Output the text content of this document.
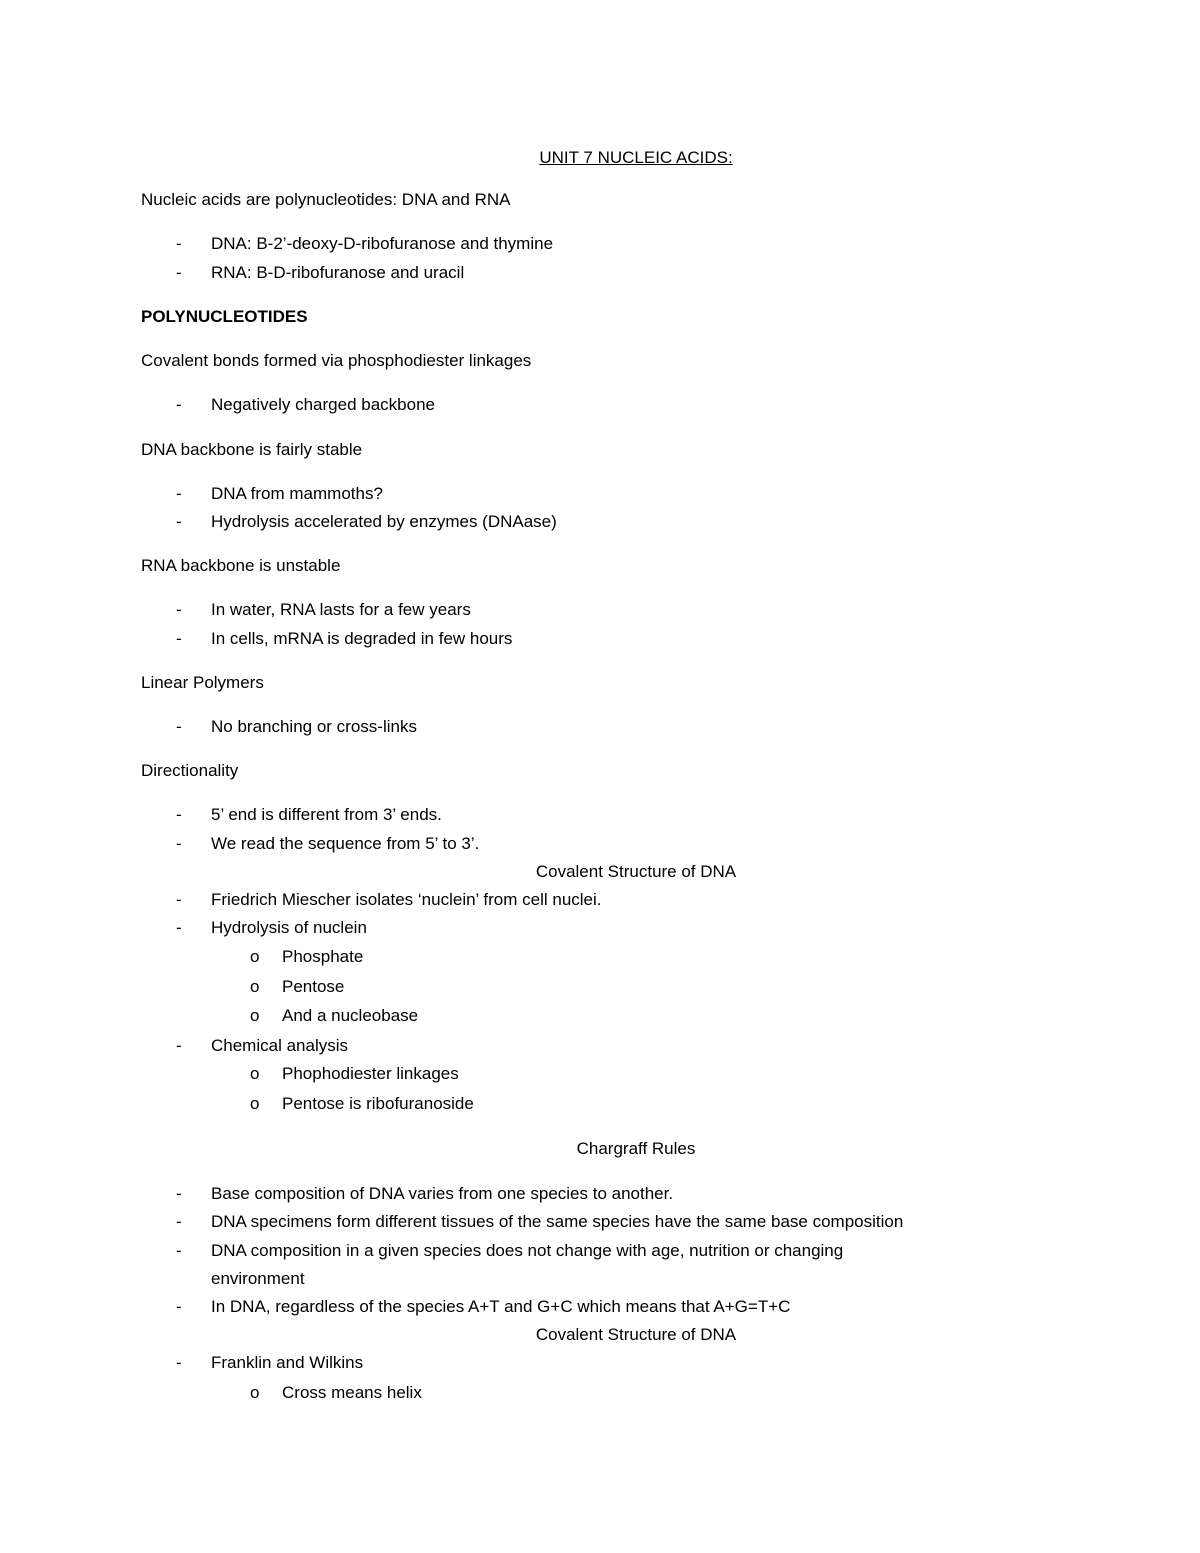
UNIT 7 NUCLEIC ACIDS:
Nucleic acids are polynucleotides: DNA and RNA
- DNA: B-2’-deoxy-D-ribofuranose and thymine
- RNA: B-D-ribofuranose and uracil
POLYNUCLEOTIDES
Covalent bonds formed via phosphodiester linkages
- Negatively charged backbone
DNA backbone is fairly stable
- DNA from mammoths?
- Hydrolysis accelerated by enzymes (DNAase)
RNA backbone is unstable
- In water, RNA lasts for a few years
- In cells, mRNA is degraded in few hours
Linear Polymers
- No branching or cross-links
Directionality
- 5’ end is different from 3’ ends.
- We read the sequence from 5’ to 3’.
Covalent Structure of DNA
- Friedrich Miescher isolates ‘nuclein’ from cell nuclei.
- Hydrolysis of nuclein
o Phosphate
o Pentose
o And a nucleobase
- Chemical analysis
o Phophodiester linkages
o Pentose is ribofuranoside
Chargraff Rules
- Base composition of DNA varies from one species to another.
- DNA specimens form different tissues of the same species have the same base composition
- DNA composition in a given species does not change with age, nutrition or changing
environment
- In DNA, regardless of the species A+T and G+C which means that A+G=T+C
Covalent Structure of DNA
- Franklin and Wilkins
o Cross means helix
